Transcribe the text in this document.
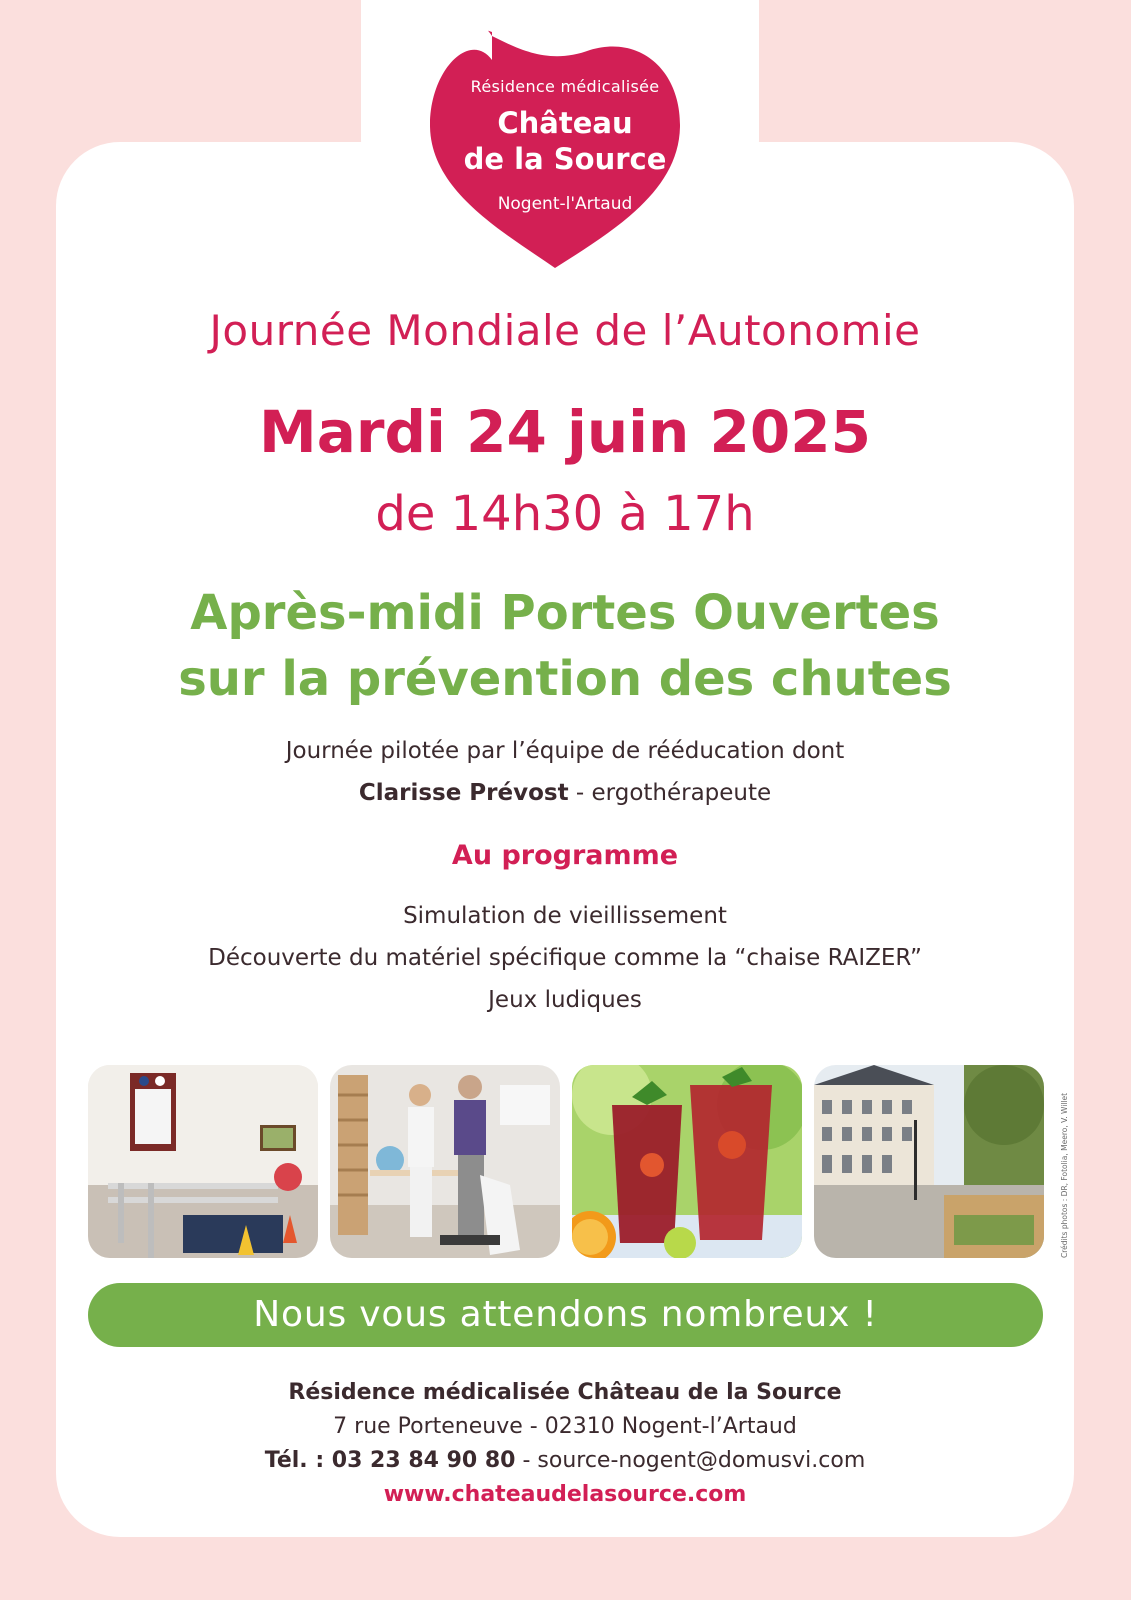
Résidence médicalisée
Château
de la Source
Nogent-l'Artaud
Journée Mondiale de l’Autonomie
Mardi 24 juin 2025
de 14h30 à 17h
Après-midi Portes Ouvertes
sur la prévention des chutes
Journée pilotée par l’équipe de rééducation dont
Clarisse Prévost - ergothérapeute
Au programme
Simulation de vieillissement
Découverte du matériel spécifique comme la “chaise RAIZER”
Jeux ludiques
Crédits photos : DR, Fotolia, Meero, V. Willet
Nous vous attendons nombreux !
Résidence médicalisée Château de la Source
7 rue Porteneuve - 02310 Nogent-l’Artaud
Tél. : 03 23 84 90 80 - source-nogent@domusvi.com
www.chateaudelasource.com
